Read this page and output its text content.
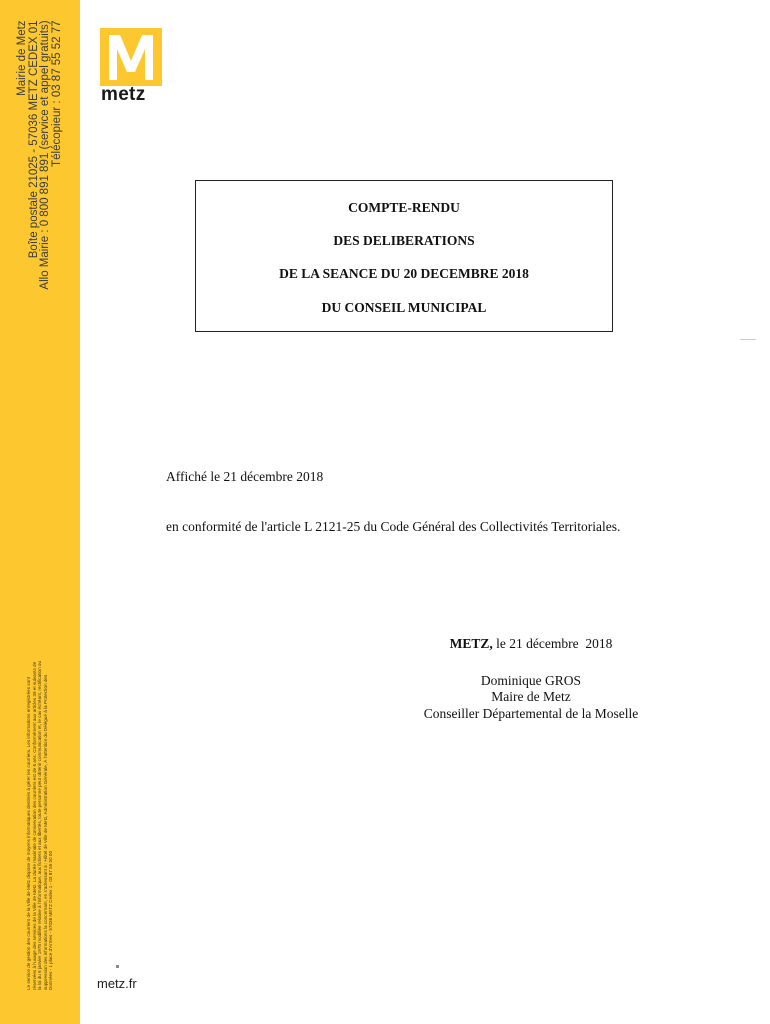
Mairie de Metz Boîte postale 21025 - 57036 METZ CEDEX 01 Allo Mairie : 0 800 891 891 (service et appel gratuits) Télécopieur : 03 87 55 52 77
Le service de gestion des courriers de la Ville de Metz dispose de moyens informatiques destinés à gérer les courriers. Les informations enregistrées sont réservées à l'usage des services de la Ville de Metz. La durée maximale de conservation des courriers est de 6 ans. Conformément aux articles 39 et suivants de la loi du 6 janvier 1978 modifiée relative à l'informatique, aux fichiers et aux libertés, toute personne peut obtenir communication et, le cas échéant, rectification ou suppression des informations la concernant, en s'adressant à : Hôtel de Ville de Metz, Administration Générale, À l'attention du Délégué à la Protection des Données - 1 place d'Armes - 57036 METZ Cedex 1 - 03 87 55 50 00
metz
COMPTE-RENDU
DES DELIBERATIONS
DE LA SEANCE DU 20 DECEMBRE 2018
DU CONSEIL MUNICIPAL
Affiché le 21 décembre 2018
en conformité de l'article L 2121-25 du Code Général des Collectivités Territoriales.
METZ, le 21 décembre  2018
Dominique GROS
Maire de Metz
Conseiller Départemental de la Moselle
metz.fr
